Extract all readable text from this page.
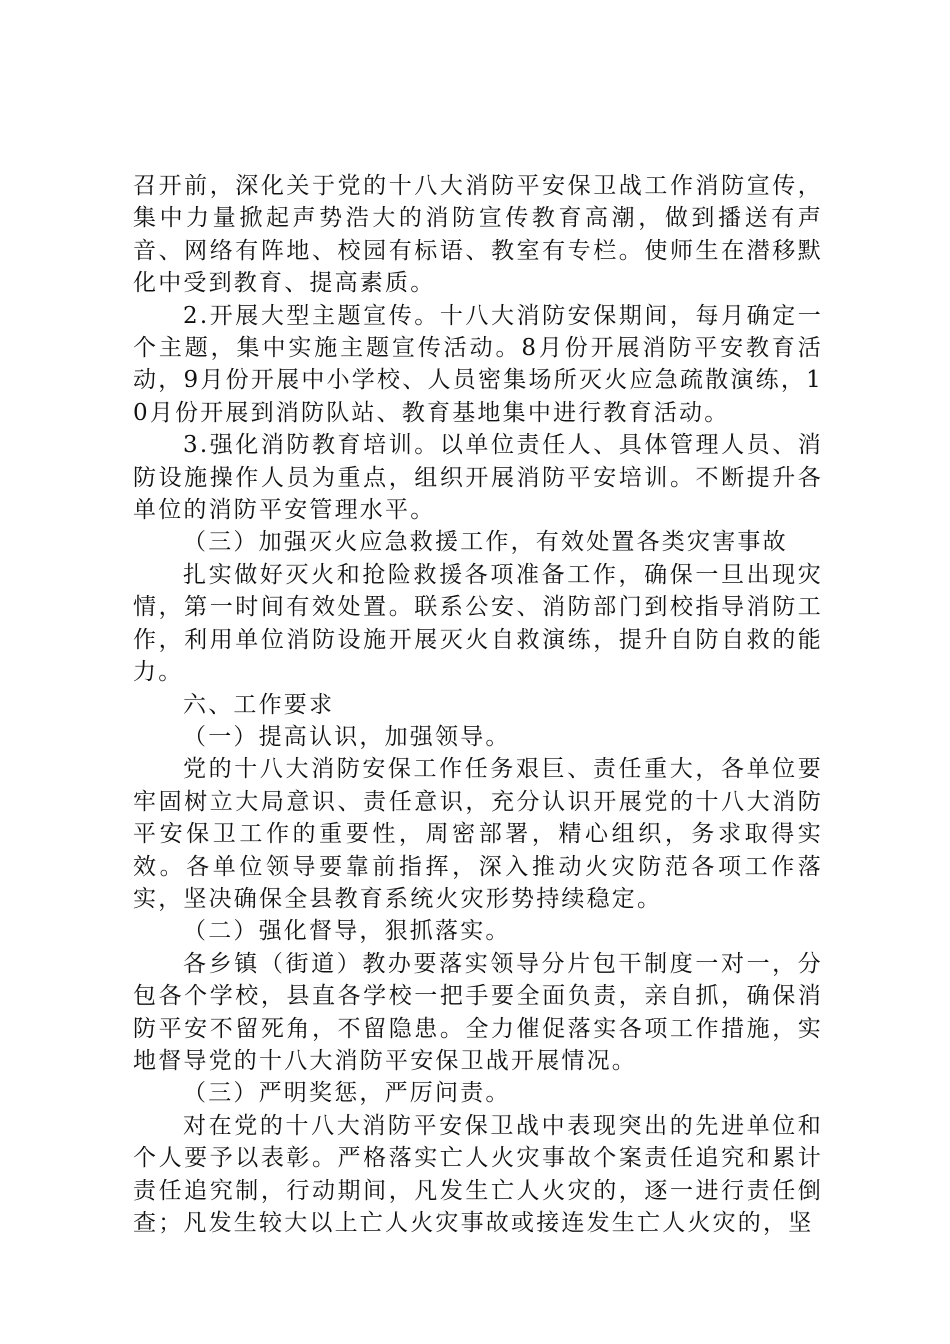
召开前，深化关于党的十八大消防平安保卫战工作消防宣传，集中力量掀起声势浩大的消防宣传教育高潮，做到播送有声音、网络有阵地、校园有标语、教室有专栏。使师生在潜移默化中受到教育、提高素质。

2.开展大型主题宣传。十八大消防安保期间，每月确定一个主题，集中实施主题宣传活动。8月份开展消防平安教育活动，9月份开展中小学校、人员密集场所灭火应急疏散演练，10月份开展到消防队站、教育基地集中进行教育活动。

3.强化消防教育培训。以单位责任人、具体管理人员、消防设施操作人员为重点，组织开展消防平安培训。不断提升各单位的消防平安管理水平。

（三）加强灭火应急救援工作，有效处置各类灾害事故

扎实做好灭火和抢险救援各项准备工作，确保一旦出现灾情，第一时间有效处置。联系公安、消防部门到校指导消防工作，利用单位消防设施开展灭火自救演练，提升自防自救的能力。

六、工作要求

（一）提高认识，加强领导。

党的十八大消防安保工作任务艰巨、责任重大，各单位要牢固树立大局意识、责任意识，充分认识开展党的十八大消防平安保卫工作的重要性，周密部署，精心组织，务求取得实效。各单位领导要靠前指挥，深入推动火灾防范各项工作落实，坚决确保全县教育系统火灾形势持续稳定。

（二）强化督导，狠抓落实。

各乡镇（街道）教办要落实领导分片包干制度一对一，分包各个学校，县直各学校一把手要全面负责，亲自抓，确保消防平安不留死角，不留隐患。全力催促落实各项工作措施，实地督导党的十八大消防平安保卫战开展情况。

（三）严明奖惩，严厉问责。

对在党的十八大消防平安保卫战中表现突出的先进单位和个人要予以表彰。严格落实亡人火灾事故个案责任追究和累计责任追究制，行动期间，凡发生亡人火灾的，逐一进行责任倒查；凡发生较大以上亡人火灾事故或接连发生亡人火灾的，坚
